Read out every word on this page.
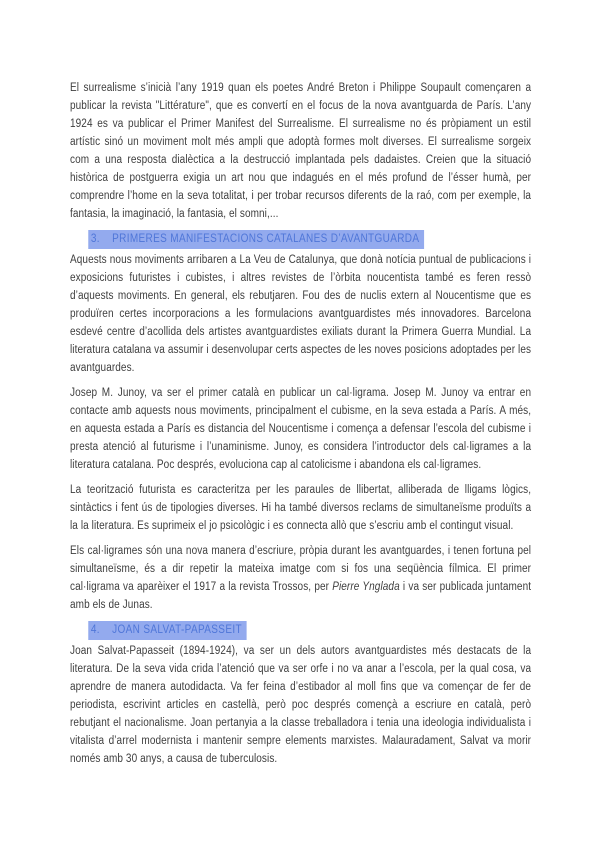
El surrealisme s’inicià l’any 1919 quan els poetes André Breton i Philippe Soupault començaren a publicar la revista "Littérature", que es convertí en el focus de la nova avantguarda de París. L’any 1924 es va publicar el Primer Manifest del Surrealisme. El surrealisme no és pròpiament un estil artístic sinó un moviment molt més ampli que adoptà formes molt diverses. El surrealisme sorgeix com a una resposta dialèctica a la destrucció implantada pels dadaistes. Creien que la situació històrica de postguerra exigia un art nou que indagués en el més profund de l’ésser humà, per comprendre l’home en la seva totalitat, i per trobar recursos diferents de la raó, com per exemple, la fantasia, la imaginació, la fantasia, el somni,...

3. PRIMERES MANIFESTACIONS CATALANES D’AVANTGUARDA

Aquests nous moviments arribaren a La Veu de Catalunya, que donà notícia puntual de publicacions i exposicions futuristes i cubistes, i altres revistes de l’òrbita noucentista també es feren ressò d’aquests moviments. En general, els rebutjaren. Fou des de nuclis extern al Noucentisme que es produïren certes incorporacions a les formulacions avantguardistes més innovadores. Barcelona esdevé centre d’acollida dels artistes avantguardistes exiliats durant la Primera Guerra Mundial. La literatura catalana va assumir i desenvolupar certs aspectes de les noves posicions adoptades per les avantguardes.

Josep M. Junoy, va ser el primer català en publicar un cal·ligrama. Josep M. Junoy va entrar en contacte amb aquests nous moviments, principalment el cubisme, en la seva estada a París. A més, en aquesta estada a París es distancia del Noucentisme i comença a defensar l’escola del cubisme i presta atenció al futurisme i l’unaminisme. Junoy, es considera l’introductor dels cal·ligrames a la literatura catalana. Poc després, evoluciona cap al catolicisme i abandona els cal·ligrames.

La teorització futurista es caracteritza per les paraules de llibertat, alliberada de lligams lògics, sintàctics i fent ús de tipologies diverses. Hi ha també diversos reclams de simultaneïsme produïts a la la literatura. Es suprimeix el jo psicològic i es connecta allò que s’escriu amb el contingut visual.

Els cal·ligrames són una nova manera d’escriure, pròpia durant les avantguardes, i tenen fortuna pel simultaneïsme, és a dir repetir la mateixa imatge com si fos una seqüència fílmica. El primer cal·ligrama va aparèixer el 1917 a la revista Trossos, per Pierre Ynglada i va ser publicada juntament amb els de Junas.

4. JOAN SALVAT-PAPASSEIT

Joan Salvat-Papasseit (1894-1924), va ser un dels autors avantguardistes més destacats de la literatura. De la seva vida crida l’atenció que va ser orfe i no va anar a l’escola, per la qual cosa, va aprendre de manera autodidacta. Va fer feina d’estibador al moll fins que va començar de fer de periodista, escrivint articles en castellà, però poc després començà a escriure en català, però rebutjant el nacionalisme. Joan pertanyia a la classe treballadora i tenia una ideologia individualista i vitalista d’arrel modernista i mantenir sempre elements marxistes. Malauradament, Salvat va morir només amb 30 anys, a causa de tuberculosis.
